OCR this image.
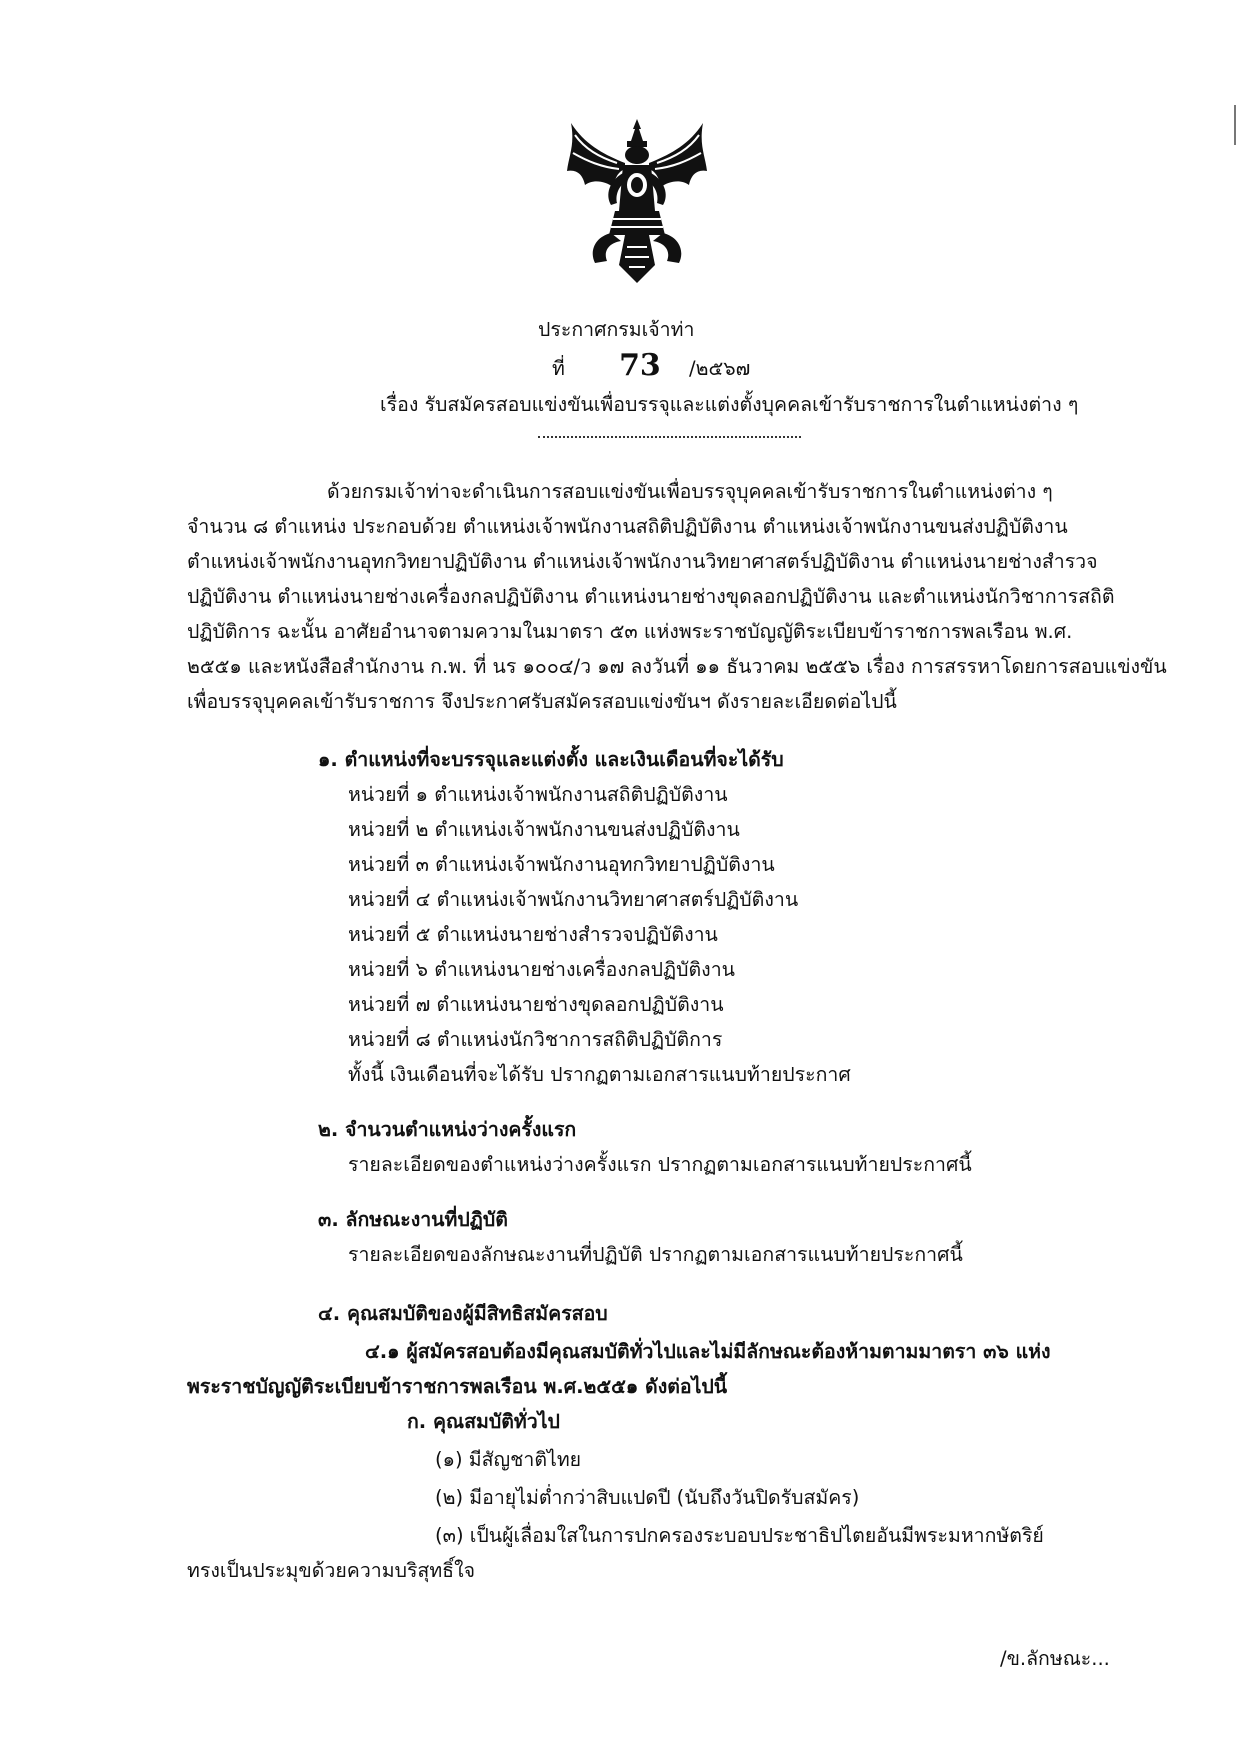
ประกาศกรมเจ้าท่า
ที่ 73 /๒๕๖๗
เรื่อง รับสมัครสอบแข่งขันเพื่อบรรจุและแต่งตั้งบุคคลเข้ารับราชการในตำแหน่งต่าง ๆ
ด้วยกรมเจ้าท่าจะดำเนินการสอบแข่งขันเพื่อบรรจุบุคคลเข้ารับราชการในตำแหน่งต่าง ๆ
จำนวน ๘ ตำแหน่ง ประกอบด้วย ตำแหน่งเจ้าพนักงานสถิติปฏิบัติงาน ตำแหน่งเจ้าพนักงานขนส่งปฏิบัติงาน
ตำแหน่งเจ้าพนักงานอุทกวิทยาปฏิบัติงาน ตำแหน่งเจ้าพนักงานวิทยาศาสตร์ปฏิบัติงาน ตำแหน่งนายช่างสำรวจ
ปฏิบัติงาน ตำแหน่งนายช่างเครื่องกลปฏิบัติงาน ตำแหน่งนายช่างขุดลอกปฏิบัติงาน และตำแหน่งนักวิชาการสถิติ
ปฏิบัติการ ฉะนั้น อาศัยอำนาจตามความในมาตรา ๕๓ แห่งพระราชบัญญัติระเบียบข้าราชการพลเรือน พ.ศ.
๒๕๕๑ และหนังสือสำนักงาน ก.พ. ที่ นร ๑๐๐๔/ว ๑๗ ลงวันที่ ๑๑ ธันวาคม ๒๕๕๖ เรื่อง การสรรหาโดยการสอบแข่งขัน
เพื่อบรรจุบุคคลเข้ารับราชการ จึงประกาศรับสมัครสอบแข่งขันฯ ดังรายละเอียดต่อไปนี้
๑. ตำแหน่งที่จะบรรจุและแต่งตั้ง และเงินเดือนที่จะได้รับ
หน่วยที่ ๑ ตำแหน่งเจ้าพนักงานสถิติปฏิบัติงาน
หน่วยที่ ๒ ตำแหน่งเจ้าพนักงานขนส่งปฏิบัติงาน
หน่วยที่ ๓ ตำแหน่งเจ้าพนักงานอุทกวิทยาปฏิบัติงาน
หน่วยที่ ๔ ตำแหน่งเจ้าพนักงานวิทยาศาสตร์ปฏิบัติงาน
หน่วยที่ ๕ ตำแหน่งนายช่างสำรวจปฏิบัติงาน
หน่วยที่ ๖ ตำแหน่งนายช่างเครื่องกลปฏิบัติงาน
หน่วยที่ ๗ ตำแหน่งนายช่างขุดลอกปฏิบัติงาน
หน่วยที่ ๘ ตำแหน่งนักวิชาการสถิติปฏิบัติการ
ทั้งนี้ เงินเดือนที่จะได้รับ ปรากฏตามเอกสารแนบท้ายประกาศ
๒. จำนวนตำแหน่งว่างครั้งแรก
รายละเอียดของตำแหน่งว่างครั้งแรก ปรากฏตามเอกสารแนบท้ายประกาศนี้
๓. ลักษณะงานที่ปฏิบัติ
รายละเอียดของลักษณะงานที่ปฏิบัติ ปรากฏตามเอกสารแนบท้ายประกาศนี้
๔. คุณสมบัติของผู้มีสิทธิสมัครสอบ
๔.๑ ผู้สมัครสอบต้องมีคุณสมบัติทั่วไปและไม่มีลักษณะต้องห้ามตามมาตรา ๓๖ แห่ง
พระราชบัญญัติระเบียบข้าราชการพลเรือน พ.ศ.๒๕๕๑ ดังต่อไปนี้
ก. คุณสมบัติทั่วไป
(๑) มีสัญชาติไทย
(๒) มีอายุไม่ต่ำกว่าสิบแปดปี (นับถึงวันปิดรับสมัคร)
(๓) เป็นผู้เลื่อมใสในการปกครองระบอบประชาธิปไตยอันมีพระมหากษัตริย์
ทรงเป็นประมุขด้วยความบริสุทธิ์ใจ
/ข.ลักษณะ...
